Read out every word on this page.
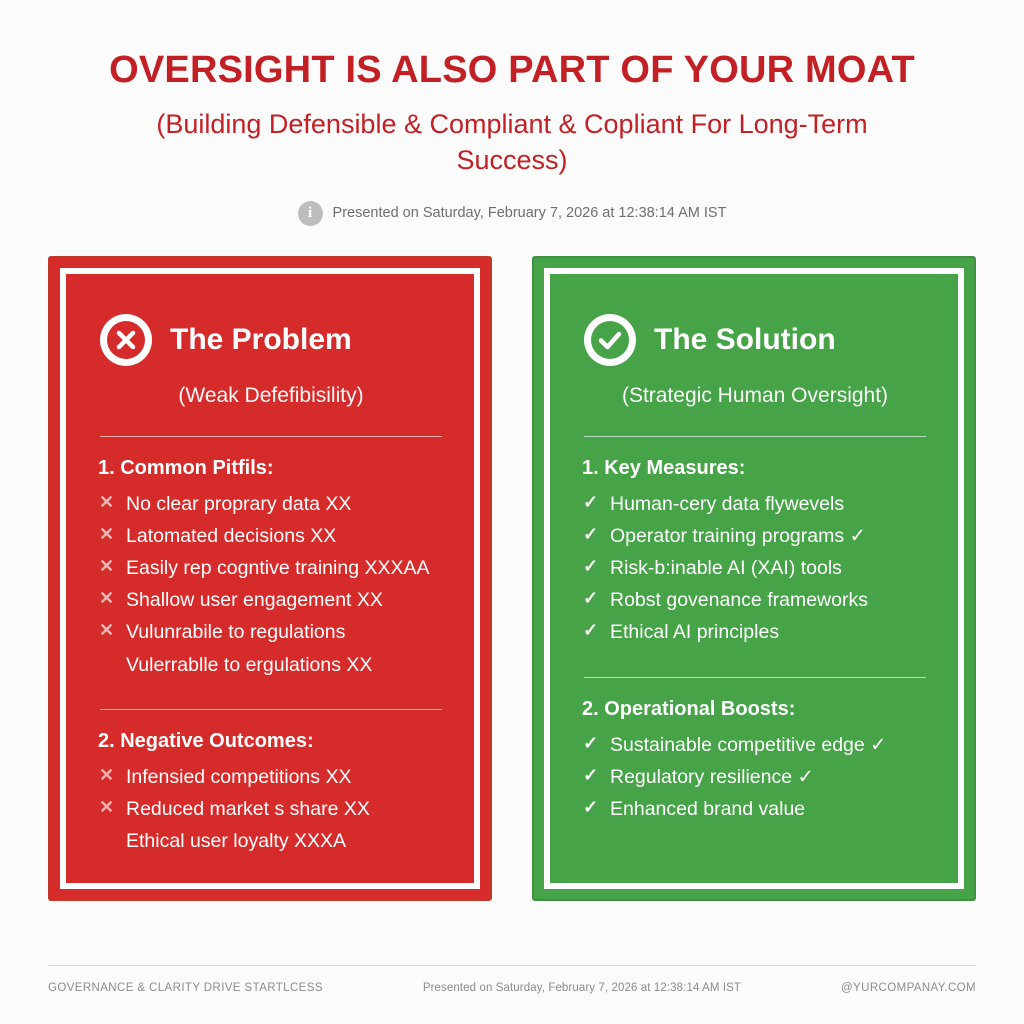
OVERSIGHT IS ALSO PART OF YOUR MOAT
(Building Defensible & Compliant & Copliant For Long-Term Success)
i	Presented on Saturday, February 7, 2026 at 12:38:14 AM IST
The Problem
(Weak Defefibisility)
1. Common Pitfils:
✕ No clear proprary data XX
✕ Latomated decisions XX
✕ Easily rep cogntive training XXXAA
✕ Shallow user engagement XX
✕ Vulunrabile to regulations
Vulerrablle to ergulations XX
2. Negative Outcomes:
✕ Infensied competitions XX
✕ Reduced market s share XX
Ethical user loyalty XXXA
The Solution
(Strategic Human Oversight)
1. Key Measures:
✓ Human-cery data flywevels
✓ Operator training programs ✓
✓ Risk-b:inable AI (XAI) tools
✓ Robst govenance frameworks
✓ Ethical AI principles
2. Operational Boosts:
✓ Sustainable competitive edge ✓
✓ Regulatory resilience ✓
✓ Enhanced brand value
GOVERNANCE & CLARITY DRIVE STARTLCESS	Presented on Saturday, February 7, 2026 at 12:38:14 AM IST	@YURCOMPANAY.COM
